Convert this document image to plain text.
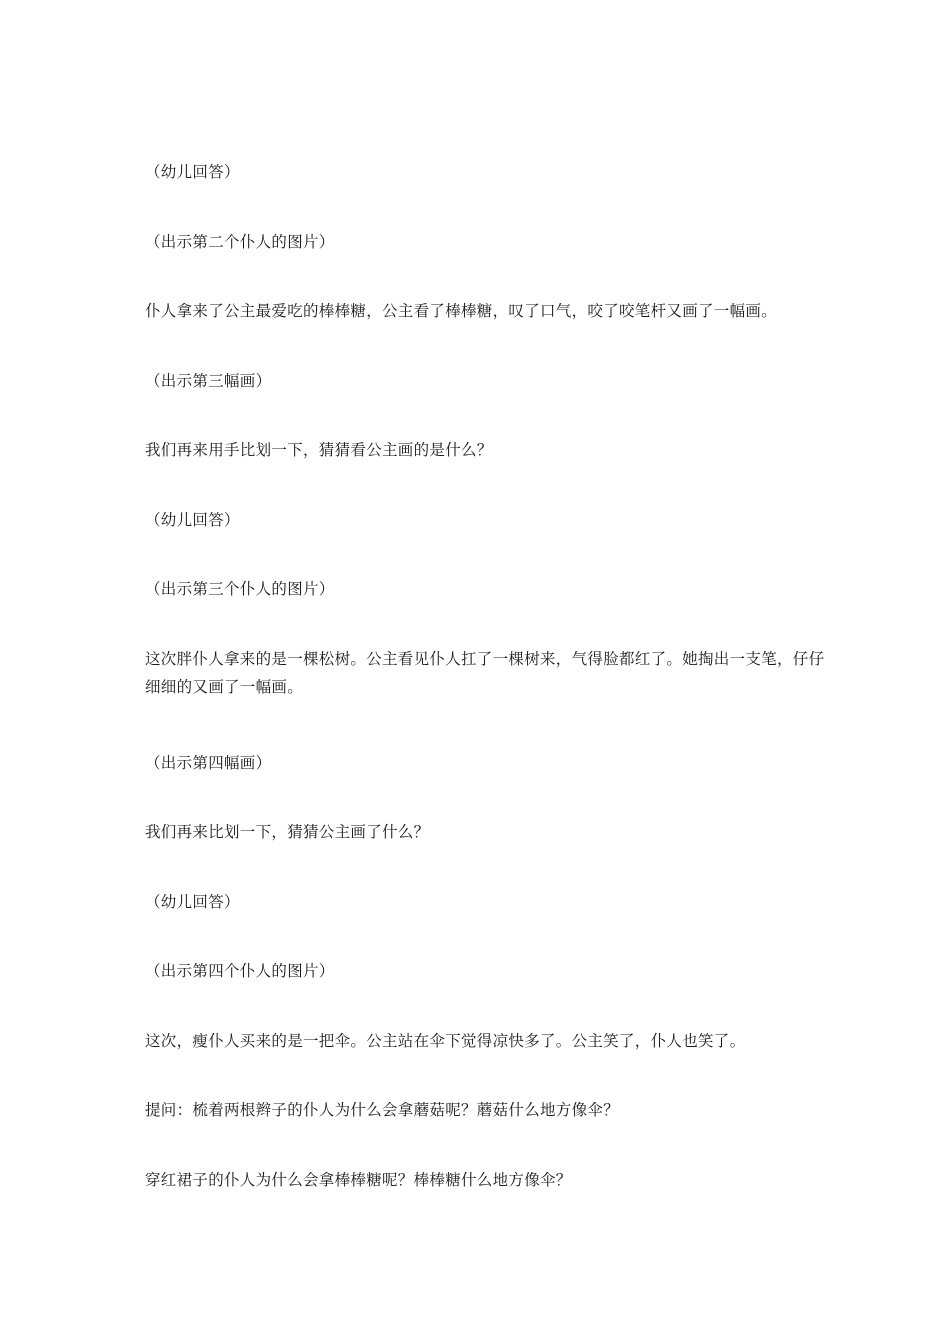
（幼儿回答）

（出示第二个仆人的图片）

仆人拿来了公主最爱吃的棒棒糖，公主看了棒棒糖，叹了口气，咬了咬笔杆又画了一幅画。

（出示第三幅画）

我们再来用手比划一下，猜猜看公主画的是什么？

（幼儿回答）

（出示第三个仆人的图片）

这次胖仆人拿来的是一棵松树。公主看见仆人扛了一棵树来，气得脸都红了。她掏出一支笔，仔仔细细的又画了一幅画。

（出示第四幅画）

我们再来比划一下，猜猜公主画了什么？

（幼儿回答）

（出示第四个仆人的图片）

这次，瘦仆人买来的是一把伞。公主站在伞下觉得凉快多了。公主笑了，仆人也笑了。

提问：梳着两根辫子的仆人为什么会拿蘑菇呢？蘑菇什么地方像伞？

穿红裙子的仆人为什么会拿棒棒糖呢？棒棒糖什么地方像伞？
